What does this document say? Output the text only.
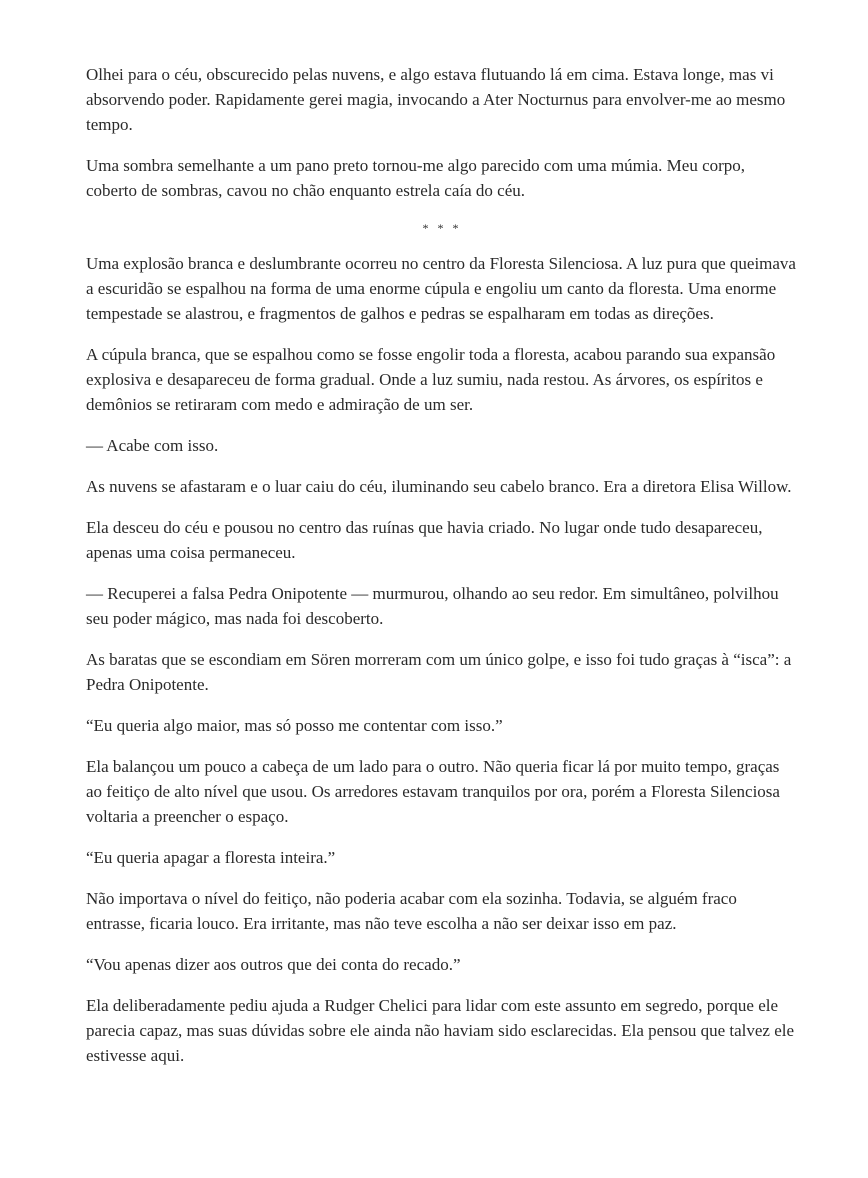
Olhei para o céu, obscurecido pelas nuvens, e algo estava flutuando lá em cima. Estava longe, mas vi absorvendo poder. Rapidamente gerei magia, invocando a Ater Nocturnus para envolver-me ao mesmo tempo.

Uma sombra semelhante a um pano preto tornou-me algo parecido com uma múmia. Meu corpo, coberto de sombras, cavou no chão enquanto estrela caía do céu.

* * *

Uma explosão branca e deslumbrante ocorreu no centro da Floresta Silenciosa. A luz pura que queimava a escuridão se espalhou na forma de uma enorme cúpula e engoliu um canto da floresta. Uma enorme tempestade se alastrou, e fragmentos de galhos e pedras se espalharam em todas as direções.

A cúpula branca, que se espalhou como se fosse engolir toda a floresta, acabou parando sua expansão explosiva e desapareceu de forma gradual. Onde a luz sumiu, nada restou. As árvores, os espíritos e demônios se retiraram com medo e admiração de um ser.

— Acabe com isso.

As nuvens se afastaram e o luar caiu do céu, iluminando seu cabelo branco. Era a diretora Elisa Willow.

Ela desceu do céu e pousou no centro das ruínas que havia criado. No lugar onde tudo desapareceu, apenas uma coisa permaneceu.

— Recuperei a falsa Pedra Onipotente — murmurou, olhando ao seu redor. Em simultâneo, polvilhou seu poder mágico, mas nada foi descoberto.

As baratas que se escondiam em Sören morreram com um único golpe, e isso foi tudo graças à “isca”: a Pedra Onipotente.

“Eu queria algo maior, mas só posso me contentar com isso.”

Ela balançou um pouco a cabeça de um lado para o outro. Não queria ficar lá por muito tempo, graças ao feitiço de alto nível que usou. Os arredores estavam tranquilos por ora, porém a Floresta Silenciosa voltaria a preencher o espaço.

“Eu queria apagar a floresta inteira.”

Não importava o nível do feitiço, não poderia acabar com ela sozinha. Todavia, se alguém fraco entrasse, ficaria louco. Era irritante, mas não teve escolha a não ser deixar isso em paz.

“Vou apenas dizer aos outros que dei conta do recado.”

Ela deliberadamente pediu ajuda a Rudger Chelici para lidar com este assunto em segredo, porque ele parecia capaz, mas suas dúvidas sobre ele ainda não haviam sido esclarecidas. Ela pensou que talvez ele estivesse aqui.
